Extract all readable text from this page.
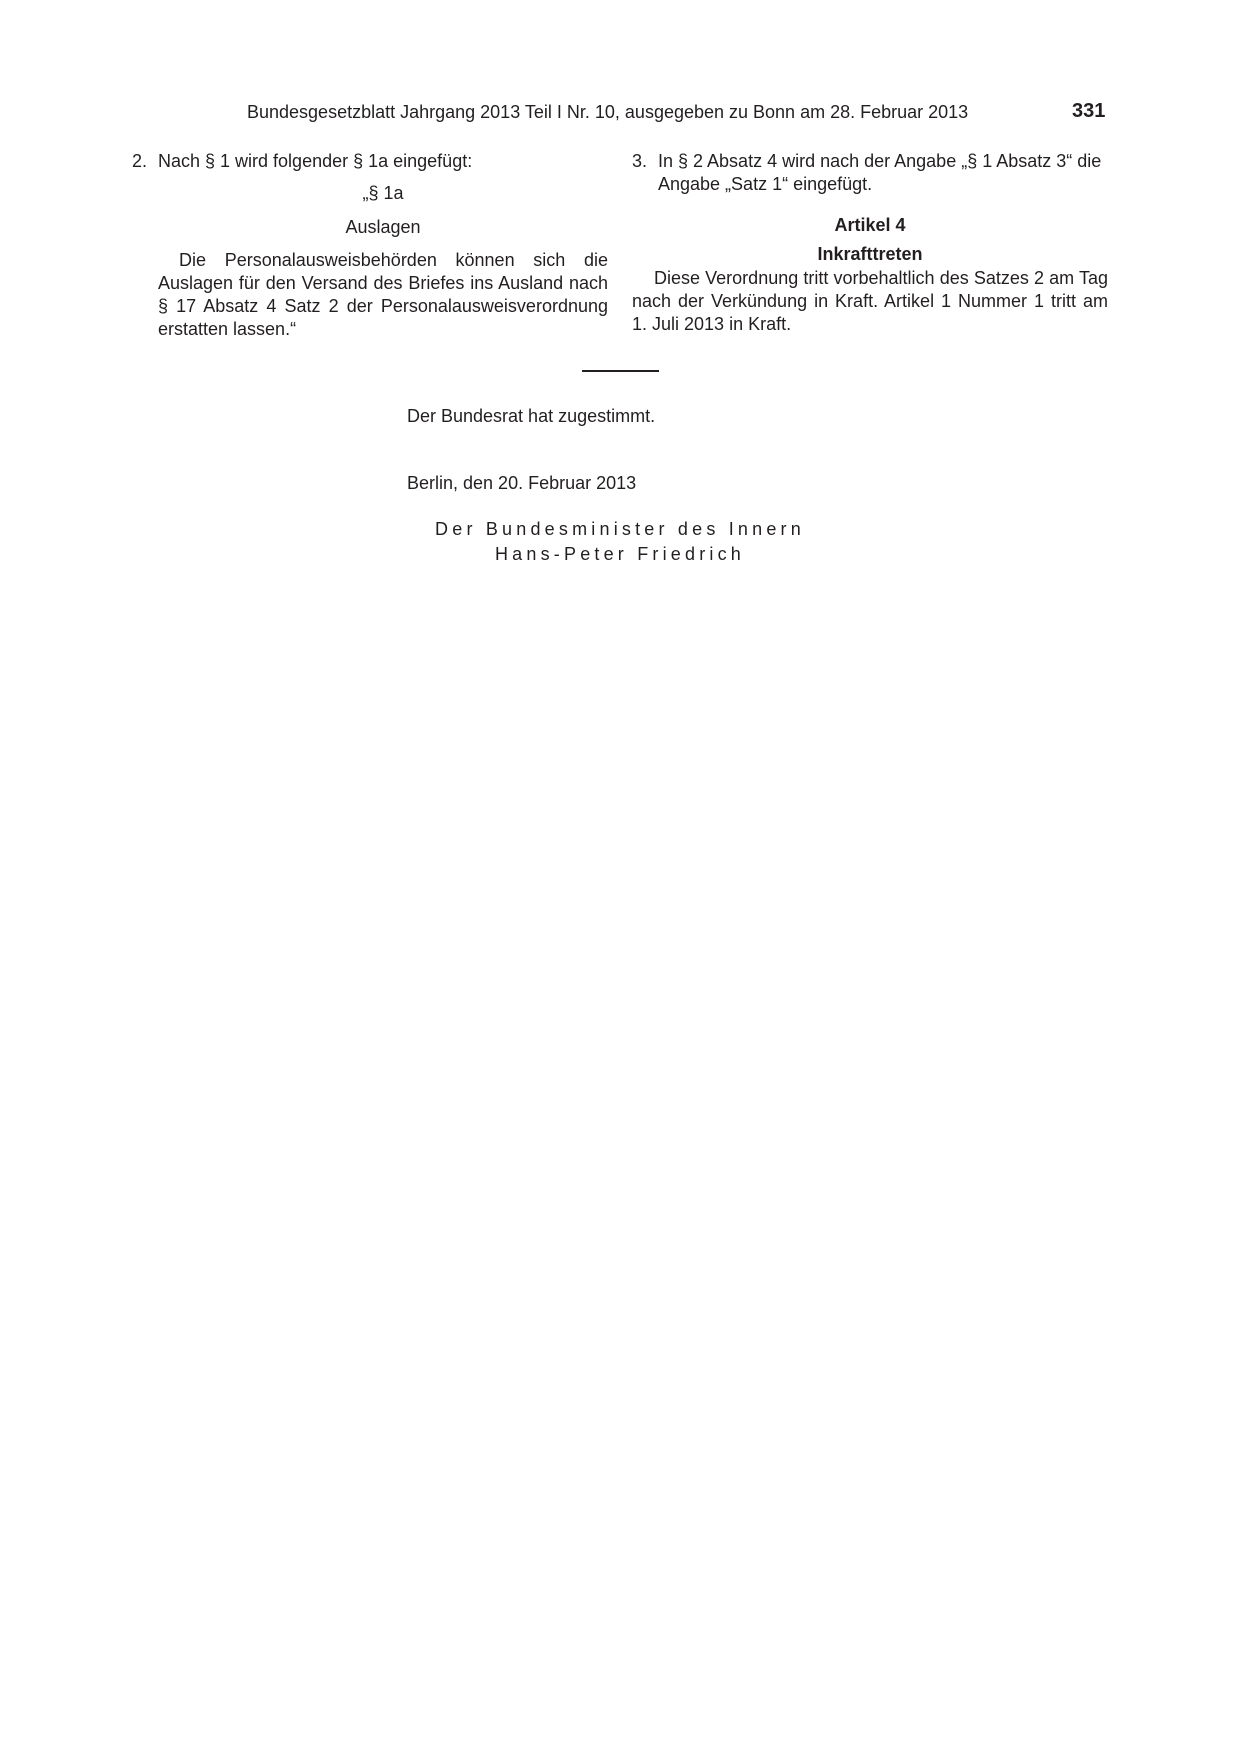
Bundesgesetzblatt Jahrgang 2013 Teil I Nr. 10, ausgegeben zu Bonn am 28. Februar 2013	331
2. Nach § 1 wird folgender § 1a eingefügt:
„§ 1a
Auslagen
Die Personalausweisbehörden können sich die Auslagen für den Versand des Briefes ins Ausland nach § 17 Absatz 4 Satz 2 der Personalausweisverordnung erstatten lassen.“
3. In § 2 Absatz 4 wird nach der Angabe „§ 1 Absatz 3“ die Angabe „Satz 1“ eingefügt.
Artikel 4
Inkrafttreten
Diese Verordnung tritt vorbehaltlich des Satzes 2 am Tag nach der Verkündung in Kraft. Artikel 1 Nummer 1 tritt am 1. Juli 2013 in Kraft.
Der Bundesrat hat zugestimmt.
Berlin, den 20. Februar 2013
Der Bundesminister des Innern
Hans-Peter Friedrich
